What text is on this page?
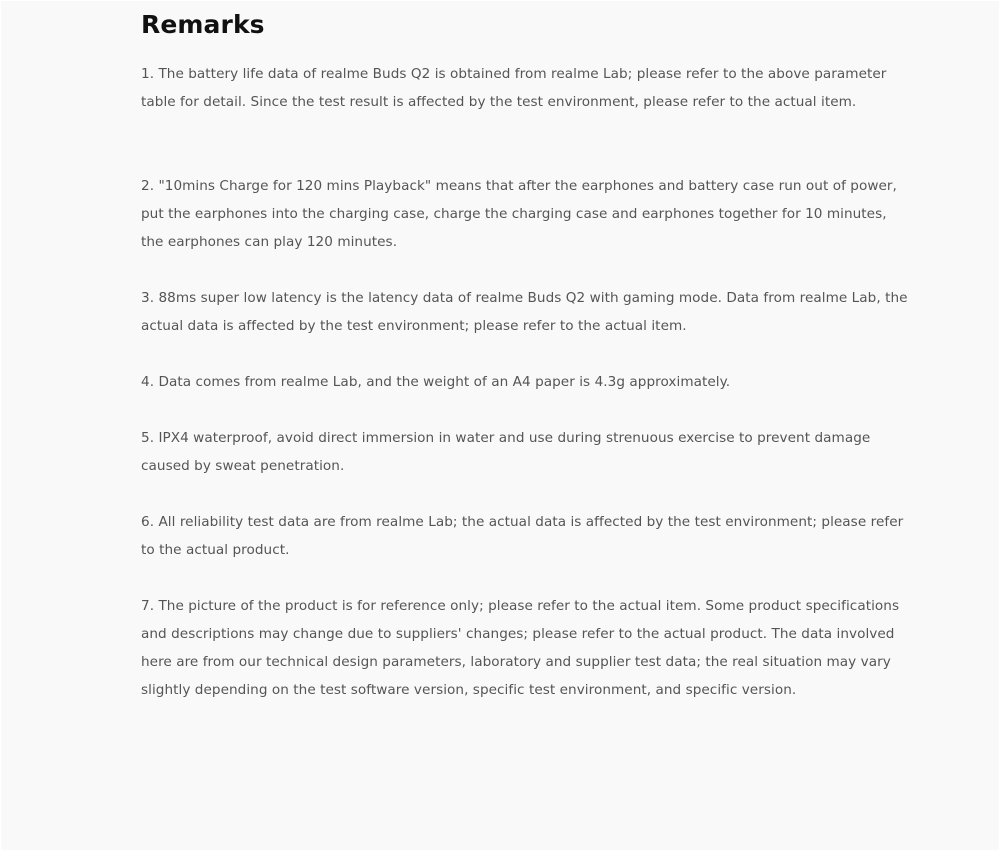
Remarks
1. The battery life data of realme Buds Q2 is obtained from realme Lab; please refer to the above parameter
table for detail. Since the test result is affected by the test environment, please refer to the actual item.
2. "10mins Charge for 120 mins Playback" means that after the earphones and battery case run out of power,
put the earphones into the charging case, charge the charging case and earphones together for 10 minutes,
the earphones can play 120 minutes.
3. 88ms super low latency is the latency data of realme Buds Q2 with gaming mode. Data from realme Lab, the
actual data is affected by the test environment; please refer to the actual item.
4. Data comes from realme Lab, and the weight of an A4 paper is 4.3g approximately.
5. IPX4 waterproof, avoid direct immersion in water and use during strenuous exercise to prevent damage
caused by sweat penetration.
6. All reliability test data are from realme Lab; the actual data is affected by the test environment; please refer
to the actual product.
7. The picture of the product is for reference only; please refer to the actual item. Some product specifications
and descriptions may change due to suppliers' changes; please refer to the actual product. The data involved
here are from our technical design parameters, laboratory and supplier test data; the real situation may vary
slightly depending on the test software version, specific test environment, and specific version.
